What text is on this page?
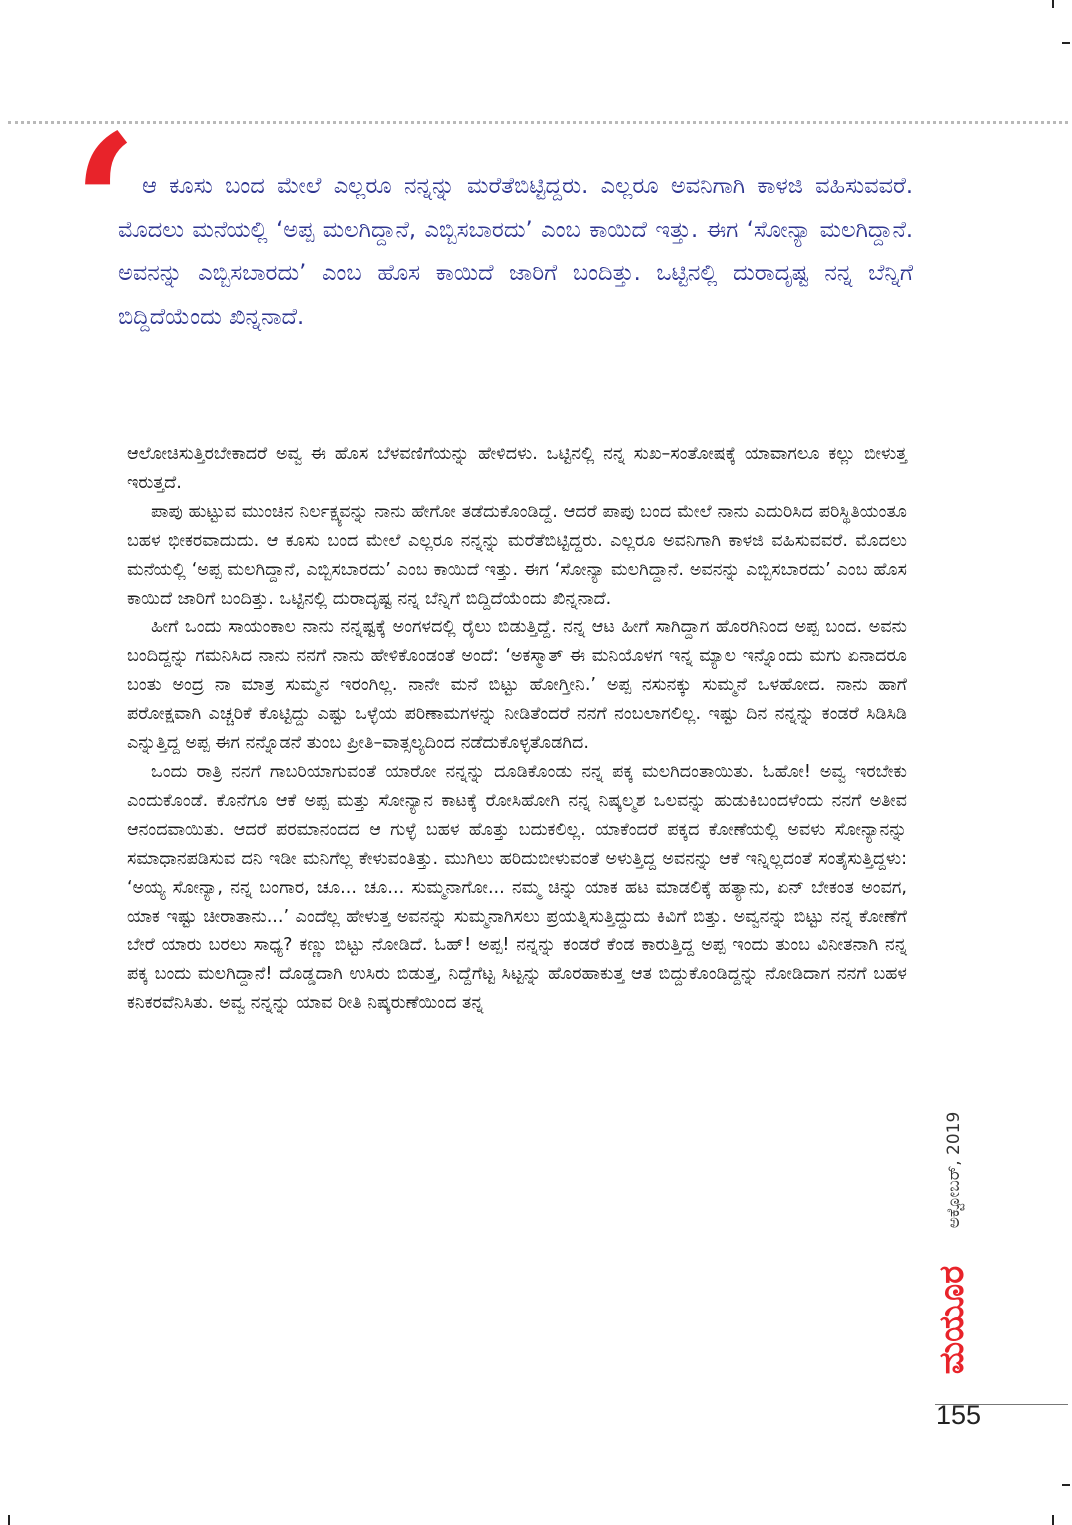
‘ ಆ ಕೂಸು ಬಂದ ಮೇಲೆ ಎಲ್ಲರೂ ನನ್ನನ್ನು ಮರೆತೆಬಿಟ್ಟಿದ್ದರು. ಎಲ್ಲರೂ ಅವನಿಗಾಗಿ ಕಾಳಜಿ ವಹಿಸುವವರೆ. ಮೊದಲು ಮನೆಯಲ್ಲಿ ‘ಅಪ್ಪ ಮಲಗಿದ್ದಾನೆ, ಎಬ್ಬಿಸಬಾರದು’ ಎಂಬ ಕಾಯಿದೆ ಇತ್ತು. ಈಗ ‘ಸೋನ್ಯಾ ಮಲಗಿದ್ದಾನೆ. ಅವನನ್ನು ಎಬ್ಬಿಸಬಾರದು’ ಎಂಬ ಹೊಸ ಕಾಯಿದೆ ಜಾರಿಗೆ ಬಂದಿತ್ತು. ಒಟ್ಟಿನಲ್ಲಿ ದುರಾದೃಷ್ಟ ನನ್ನ ಬೆನ್ನಿಗೆ ಬಿದ್ದಿದೆಯೆಂದು ಖಿನ್ನನಾದೆ.

ಆಲೋಚಿಸುತ್ತಿರಬೇಕಾದರೆ ಅವ್ವ ಈ ಹೊಸ ಬೆಳವಣಿಗೆಯನ್ನು ಹೇಳಿದಳು. ಒಟ್ಟಿನಲ್ಲಿ ನನ್ನ ಸುಖ–ಸಂತೋಷಕ್ಕೆ ಯಾವಾಗಲೂ ಕಲ್ಲು ಬೀಳುತ್ತ ಇರುತ್ತದೆ.

ಪಾಪು ಹುಟ್ಟುವ ಮುಂಚಿನ ನಿರ್ಲಕ್ಷ್ಯವನ್ನು ನಾನು ಹೇಗೋ ತಡೆದುಕೊಂಡಿದ್ದೆ. ಆದರೆ ಪಾಪು ಬಂದ ಮೇಲೆ ನಾನು ಎದುರಿಸಿದ ಪರಿಸ್ಥಿತಿಯಂತೂ ಬಹಳ ಭೀಕರವಾದುದು. ಆ ಕೂಸು ಬಂದ ಮೇಲೆ ಎಲ್ಲರೂ ನನ್ನನ್ನು ಮರೆತೆಬಿಟ್ಟಿದ್ದರು. ಎಲ್ಲರೂ ಅವನಿಗಾಗಿ ಕಾಳಜಿ ವಹಿಸುವವರೆ. ಮೊದಲು ಮನೆಯಲ್ಲಿ ‘ಅಪ್ಪ ಮಲಗಿದ್ದಾನೆ, ಎಬ್ಬಿಸಬಾರದು’ ಎಂಬ ಕಾಯಿದೆ ಇತ್ತು. ಈಗ ‘ಸೋನ್ಯಾ ಮಲಗಿದ್ದಾನೆ. ಅವನನ್ನು ಎಬ್ಬಿಸಬಾರದು’ ಎಂಬ ಹೊಸ ಕಾಯಿದೆ ಜಾರಿಗೆ ಬಂದಿತ್ತು. ಒಟ್ಟಿನಲ್ಲಿ ದುರಾದೃಷ್ಟ ನನ್ನ ಬೆನ್ನಿಗೆ ಬಿದ್ದಿದೆಯೆಂದು ಖಿನ್ನನಾದೆ.

ಹೀಗೆ ಒಂದು ಸಾಯಂಕಾಲ ನಾನು ನನ್ನಷ್ಟಕ್ಕೆ ಅಂಗಳದಲ್ಲಿ ರೈಲು ಬಿಡುತ್ತಿದ್ದೆ. ನನ್ನ ಆಟ ಹೀಗೆ ಸಾಗಿದ್ದಾಗ ಹೊರಗಿನಿಂದ ಅಪ್ಪ ಬಂದ. ಅವನು ಬಂದಿದ್ದನ್ನು ಗಮನಿಸಿದ ನಾನು ನನಗೆ ನಾನು ಹೇಳಿಕೊಂಡಂತೆ ಅಂದೆ: ‘ಅಕಸ್ಮಾತ್ ಈ ಮನಿಯೊಳಗ ಇನ್ನ ಮ್ಯಾಲ ಇನ್ನೊಂದು ಮಗು ಏನಾದರೂ ಬಂತು ಅಂದ್ರ ನಾ ಮಾತ್ರ ಸುಮ್ಮನ ಇರಂಗಿಲ್ಲ. ನಾನೇ ಮನೆ ಬಿಟ್ಟು ಹೋಗ್ತೀನಿ.’ ಅಪ್ಪ ನಸುನಕ್ಕು ಸುಮ್ಮನೆ ಒಳಹೋದ. ನಾನು ಹಾಗೆ ಪರೋಕ್ಷವಾಗಿ ಎಚ್ಚರಿಕೆ ಕೊಟ್ಟಿದ್ದು ಎಷ್ಟು ಒಳ್ಳೆಯ ಪರಿಣಾಮಗಳನ್ನು ನೀಡಿತೆಂದರೆ ನನಗೆ ನಂಬಲಾಗಲಿಲ್ಲ. ಇಷ್ಟು ದಿನ ನನ್ನನ್ನು ಕಂಡರೆ ಸಿಡಿಸಿಡಿ ಎನ್ನುತ್ತಿದ್ದ ಅಪ್ಪ ಈಗ ನನ್ನೊಡನೆ ತುಂಬ ಪ್ರೀತಿ–ವಾತ್ಸಲ್ಯದಿಂದ ನಡೆದುಕೊಳ್ಳತೊಡಗಿದ.

ಒಂದು ರಾತ್ರಿ ನನಗೆ ಗಾಬರಿಯಾಗುವಂತೆ ಯಾರೋ ನನ್ನನ್ನು ದೂಡಿಕೊಂಡು ನನ್ನ ಪಕ್ಕ ಮಲಗಿದಂತಾಯಿತು. ಓಹೋ! ಅವ್ವ ಇರಬೇಕು ಎಂದುಕೊಂಡೆ. ಕೊನೆಗೂ ಆಕೆ ಅಪ್ಪ ಮತ್ತು ಸೋನ್ಯಾನ ಕಾಟಕ್ಕೆ ರೋಸಿಹೋಗಿ ನನ್ನ ನಿಷ್ಕಲ್ಮಶ ಒಲವನ್ನು ಹುಡುಕಿಬಂದಳೆಂದು ನನಗೆ ಅತೀವ ಆನಂದವಾಯಿತು. ಆದರೆ ಪರಮಾನಂದದ ಆ ಗುಳ್ಳೆ ಬಹಳ ಹೊತ್ತು ಬದುಕಲಿಲ್ಲ. ಯಾಕೆಂದರೆ ಪಕ್ಕದ ಕೋಣೆಯಲ್ಲಿ ಅವಳು ಸೋನ್ಯಾನನ್ನು ಸಮಾಧಾನಪಡಿಸುವ ದನಿ ಇಡೀ ಮನಿಗೆಲ್ಲ ಕೇಳುವಂತಿತ್ತು. ಮುಗಿಲು ಹರಿದುಬೀಳುವಂತೆ ಅಳುತ್ತಿದ್ದ ಅವನನ್ನು ಆಕೆ ಇನ್ನಿಲ್ಲದಂತೆ ಸಂತೈಸುತ್ತಿದ್ದಳು: ‘ಅಯ್ಯ ಸೋನ್ಯಾ, ನನ್ನ ಬಂಗಾರ, ಚೂ... ಚೂ... ಸುಮ್ಮನಾಗೋ... ನಮ್ಮ ಚಿನ್ನು ಯಾಕ ಹಟ ಮಾಡಲಿಕ್ಕೆ ಹತ್ಯಾನು, ಏನ್ ಬೇಕಂತ ಅಂವಗ, ಯಾಕ ಇಷ್ಟು ಚೀರಾತಾನು...’ ಎಂದೆಲ್ಲ ಹೇಳುತ್ತ ಅವನನ್ನು ಸುಮ್ಮನಾಗಿಸಲು ಪ್ರಯತ್ನಿಸುತ್ತಿದ್ದುದು ಕಿವಿಗೆ ಬಿತ್ತು. ಅವ್ವನನ್ನು ಬಿಟ್ಟು ನನ್ನ ಕೋಣೆಗೆ ಬೇರೆ ಯಾರು ಬರಲು ಸಾಧ್ಯ? ಕಣ್ಣು ಬಿಟ್ಟು ನೋಡಿದೆ. ಓಹ್! ಅಪ್ಪ! ನನ್ನನ್ನು ಕಂಡರೆ ಕೆಂಡ ಕಾರುತ್ತಿದ್ದ ಅಪ್ಪ ಇಂದು ತುಂಬ ವಿನೀತನಾಗಿ ನನ್ನ ಪಕ್ಕ ಬಂದು ಮಲಗಿದ್ದಾನೆ! ದೊಡ್ಡದಾಗಿ ಉಸಿರು ಬಿಡುತ್ತ, ನಿದ್ದೆಗೆಟ್ಟ ಸಿಟ್ಟನ್ನು ಹೊರಹಾಕುತ್ತ ಆತ ಬಿದ್ದುಕೊಂಡಿದ್ದನ್ನು ನೋಡಿದಾಗ ನನಗೆ ಬಹಳ ಕನಿಕರವೆನಿಸಿತು. ಅವ್ವ ನನ್ನನ್ನು ಯಾವ ರೀತಿ ನಿಷ್ಕರುಣೆಯಿಂದ ತನ್ನ

ಅಕ್ಟೋಬರ್, 2019
ಮಯೂರ
155
